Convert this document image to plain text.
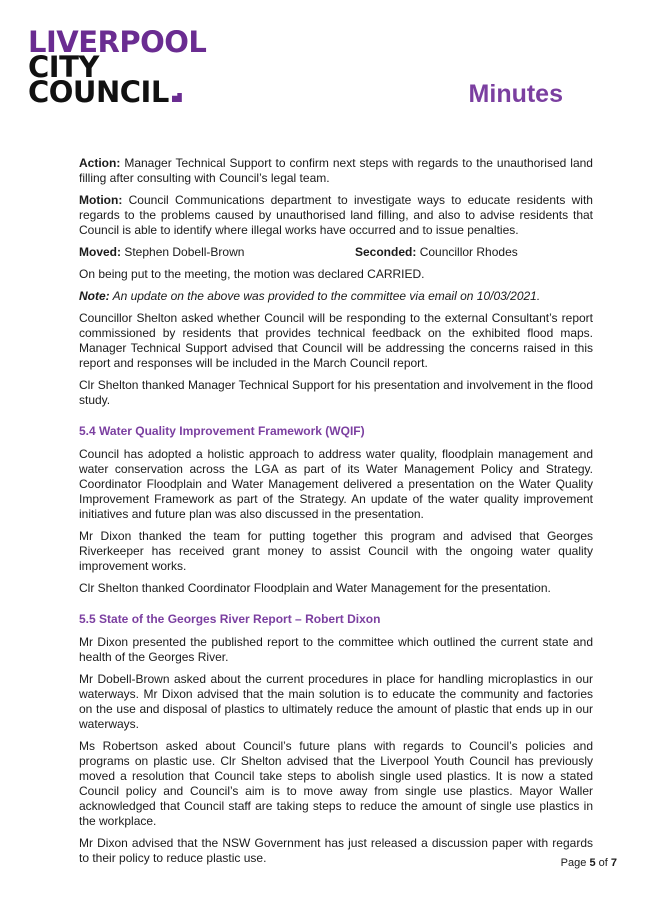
LIVERPOOL
CITY
COUNCIL	Minutes

Action: Manager Technical Support to confirm next steps with regards to the unauthorised land filling after consulting with Council’s legal team.

Motion: Council Communications department to investigate ways to educate residents with regards to the problems caused by unauthorised land filling, and also to advise residents that Council is able to identify where illegal works have occurred and to issue penalties.

Moved: Stephen Dobell-Brown	Seconded: Councillor Rhodes

On being put to the meeting, the motion was declared CARRIED.

Note: An update on the above was provided to the committee via email on 10/03/2021.

Councillor Shelton asked whether Council will be responding to the external Consultant’s report commissioned by residents that provides technical feedback on the exhibited flood maps. Manager Technical Support advised that Council will be addressing the concerns raised in this report and responses will be included in the March Council report.

Clr Shelton thanked Manager Technical Support for his presentation and involvement in the flood study.

5.4 Water Quality Improvement Framework (WQIF)

Council has adopted a holistic approach to address water quality, floodplain management and water conservation across the LGA as part of its Water Management Policy and Strategy. Coordinator Floodplain and Water Management delivered a presentation on the Water Quality Improvement Framework as part of the Strategy. An update of the water quality improvement initiatives and future plan was also discussed in the presentation.

Mr Dixon thanked the team for putting together this program and advised that Georges Riverkeeper has received grant money to assist Council with the ongoing water quality improvement works.

Clr Shelton thanked Coordinator Floodplain and Water Management for the presentation.

5.5 State of the Georges River Report – Robert Dixon

Mr Dixon presented the published report to the committee which outlined the current state and health of the Georges River.

Mr Dobell-Brown asked about the current procedures in place for handling microplastics in our waterways. Mr Dixon advised that the main solution is to educate the community and factories on the use and disposal of plastics to ultimately reduce the amount of plastic that ends up in our waterways.

Ms Robertson asked about Council’s future plans with regards to Council’s policies and programs on plastic use. Clr Shelton advised that the Liverpool Youth Council has previously moved a resolution that Council take steps to abolish single used plastics. It is now a stated Council policy and Council’s aim is to move away from single use plastics. Mayor Waller acknowledged that Council staff are taking steps to reduce the amount of single use plastics in the workplace.

Mr Dixon advised that the NSW Government has just released a discussion paper with regards to their policy to reduce plastic use.	Page 5 of 7
